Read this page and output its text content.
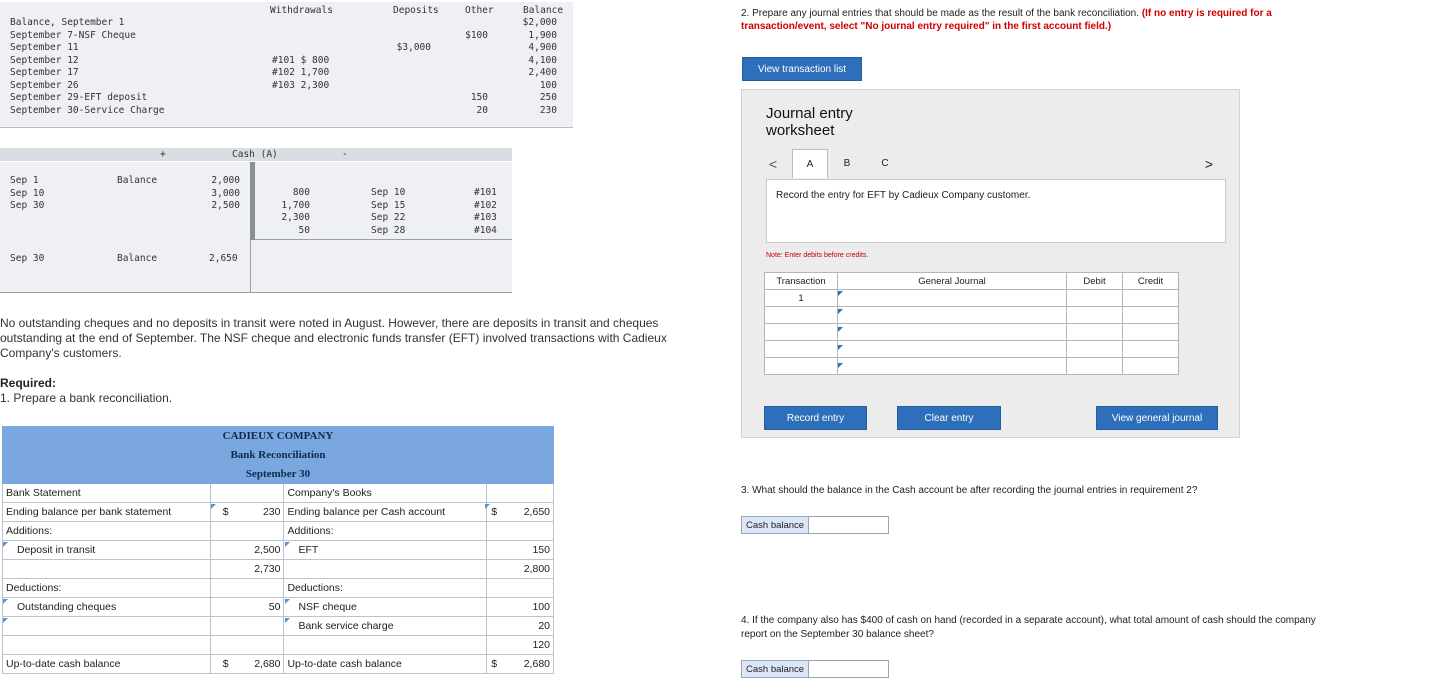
Withdrawals	Deposits	Other	Balance
Balance, September 1	$2,000
September 7-NSF Cheque	$100	1,900
September 11	$3,000	4,900
September 12	#101 $ 800	4,100
September 17	#102 1,700	2,400
September 26	#103 2,300	100
September 29-EFT deposit	150	250
September 30-Service Charge	20	230
+	Cash (A)	-
Sep 1	Balance	2,000
Sep 10	3,000
Sep 30	2,500
800	Sep 10	#101
1,700	Sep 15	#102
2,300	Sep 22	#103
50	Sep 28	#104
Sep 30	Balance	2,650
No outstanding cheques and no deposits in transit were noted in August. However, there are deposits in transit and cheques
outstanding at the end of September. The NSF cheque and electronic funds transfer (EFT) involved transactions with Cadieux
Company's customers.
Required:
1. Prepare a bank reconciliation.
CADIEUX COMPANY			
Bank Reconciliation			
September 30			
Bank Statement		Company's Books	
Ending balance per bank statement	$ 230	Ending balance per Cash account	$ 2,650
Additions:		Additions:	
Deposit in transit	2,500	EFT	150
	2,730		2,800
Deductions:		Deductions:	
Outstanding cheques	50	NSF cheque	100
		Bank service charge	20
			120
Up-to-date cash balance	$ 2,680	Up-to-date cash balance	$ 2,680
2. Prepare any journal entries that should be made as the result of the bank reconciliation. (If no entry is required for a
transaction/event, select "No journal entry required" in the first account field.)
View transaction list
Journal entry
worksheet
<	A	B	C	>
Record the entry for EFT by Cadieux Company customer.
Note: Enter debits before credits.
Transaction	General Journal	Debit	Credit
1			

Record entry	Clear entry	View general journal
3. What should the balance in the Cash account be after recording the journal entries in requirement 2?
Cash balance
4. If the company also has $400 of cash on hand (recorded in a separate account), what total amount of cash should the company
report on the September 30 balance sheet?
Cash balance
